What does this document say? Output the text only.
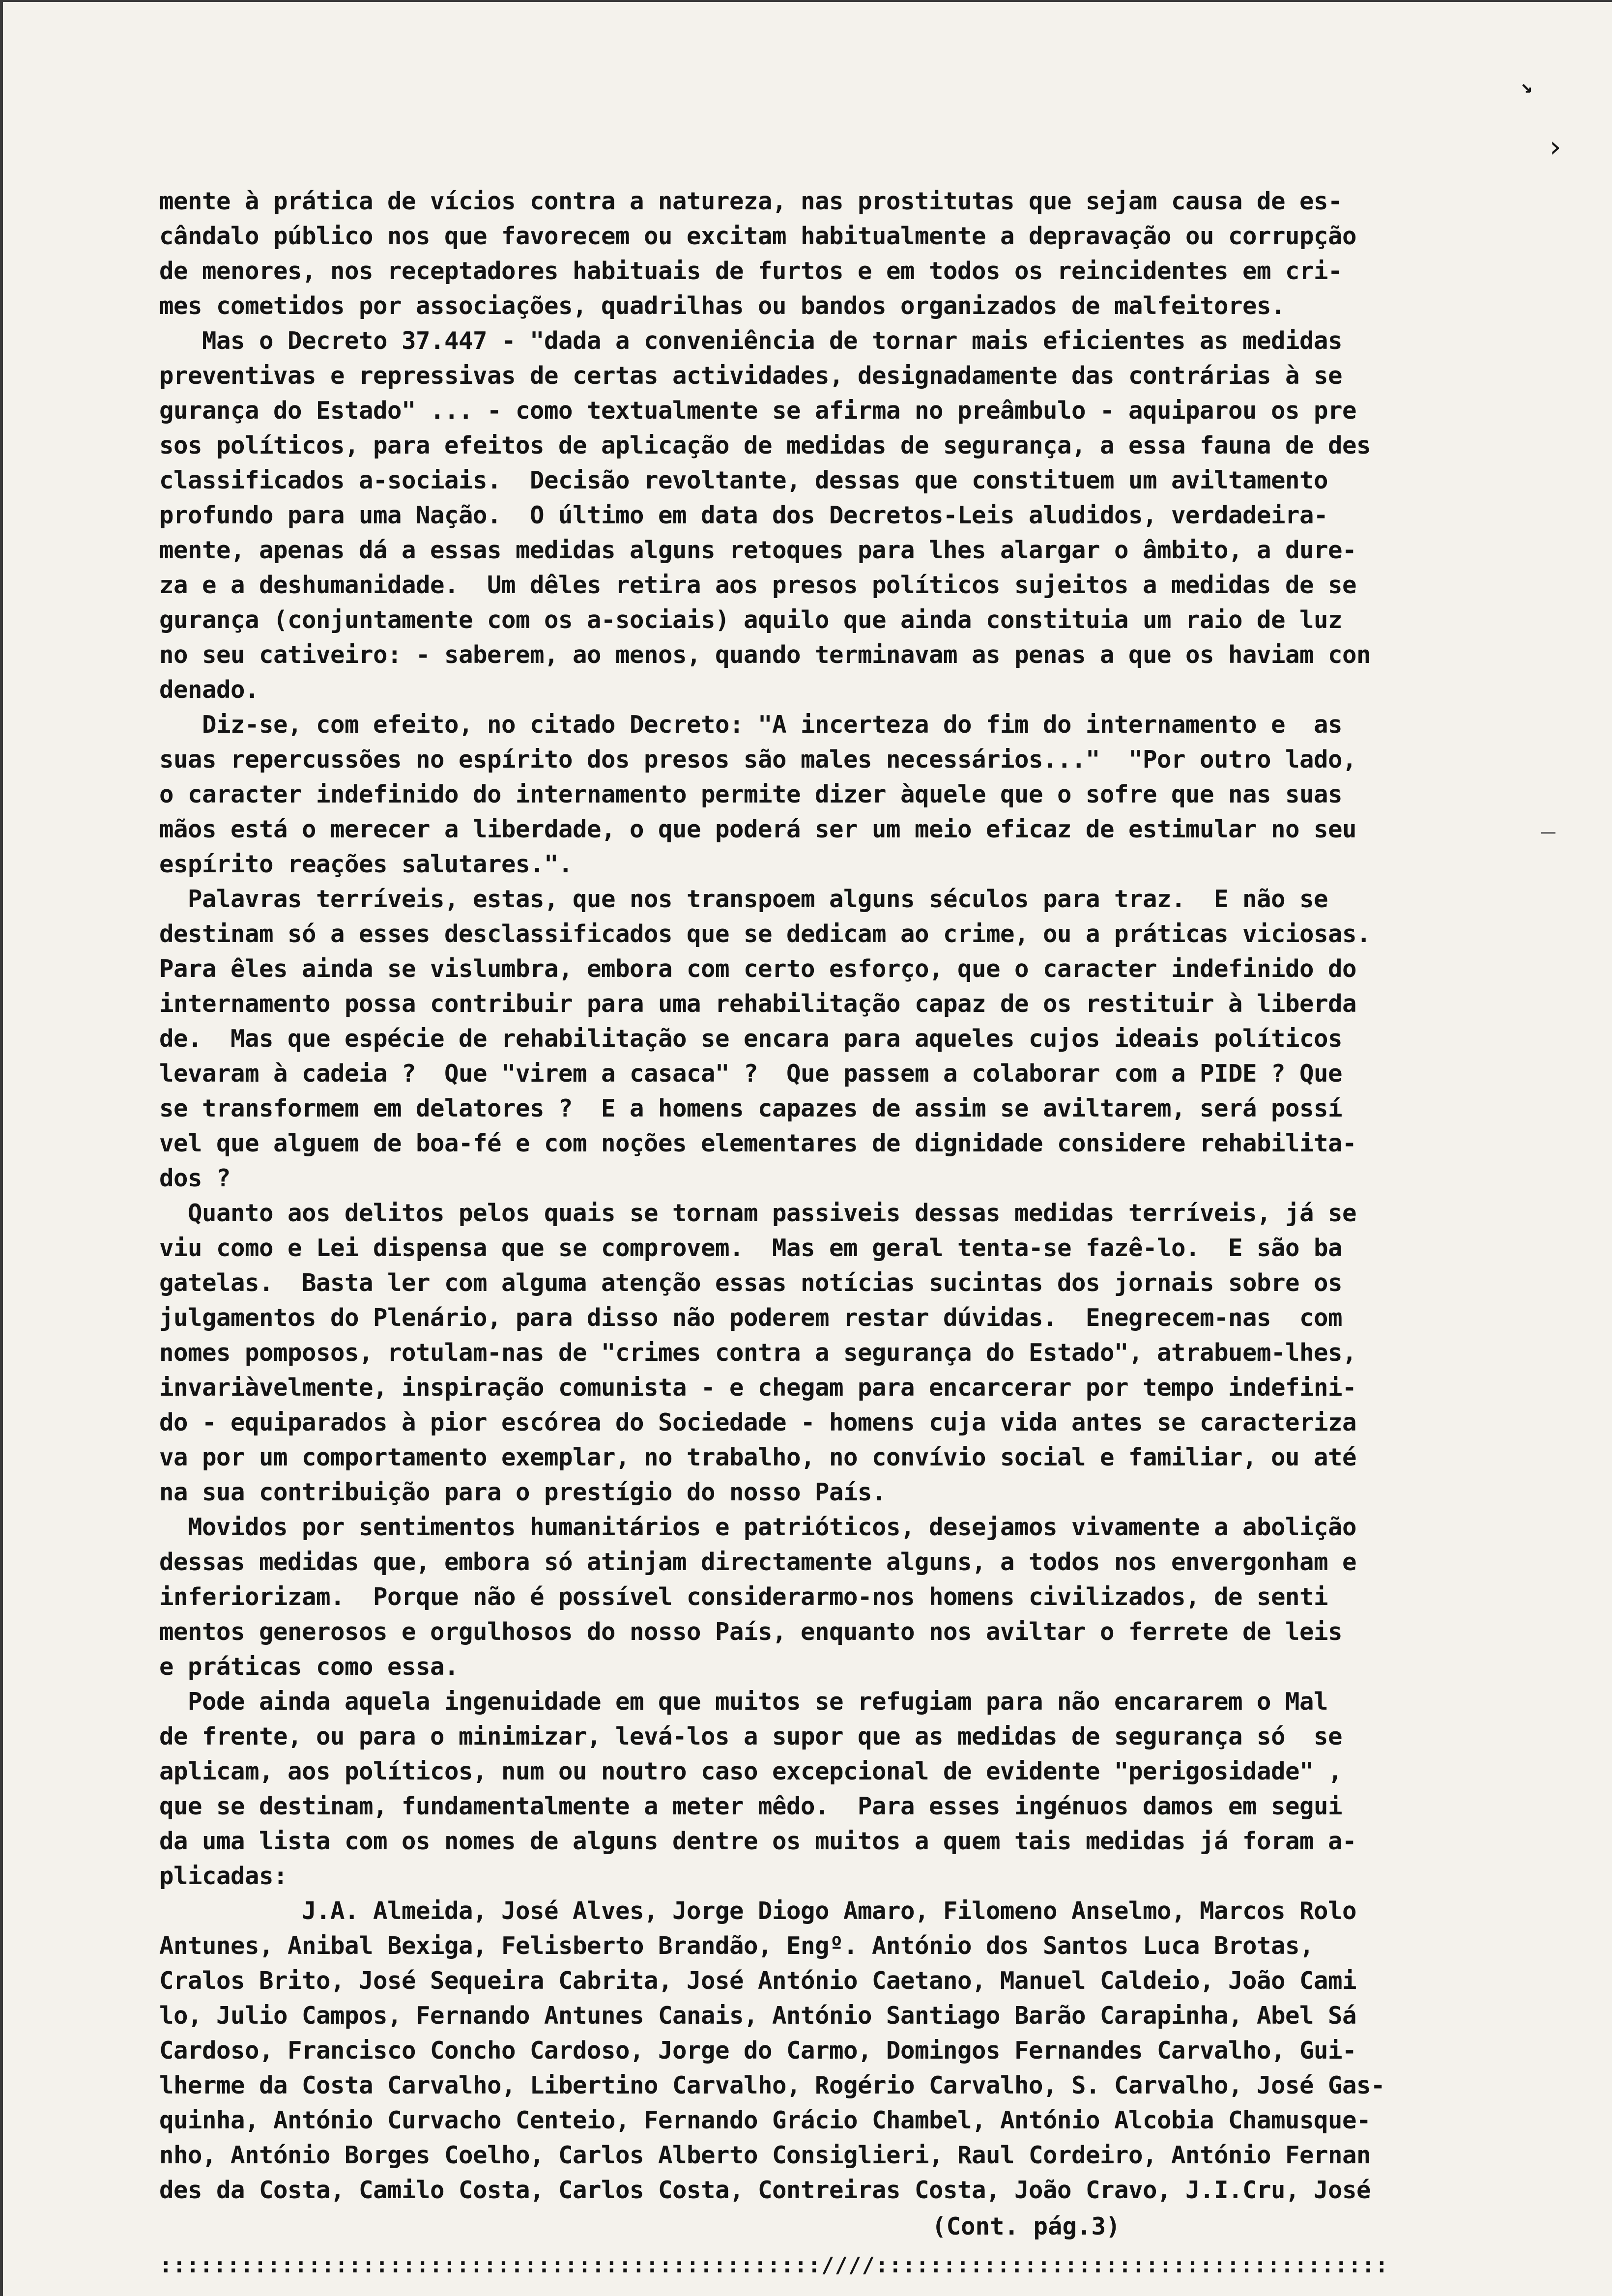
↘
›
—
mente à prática de vícios contra a natureza, nas prostitutas que sejam causa de es-
cândalo público nos que favorecem ou excitam habitualmente a depravação ou corrupção
de menores, nos receptadores habituais de furtos e em todos os reincidentes em cri-
mes cometidos por associações, quadrilhas ou bandos organizados de malfeitores.
Mas o Decreto 37.447 - "dada a conveniência de tornar mais eficientes as medidas
preventivas e repressivas de certas actividades, designadamente das contrárias à se
gurança do Estado" ... - como textualmente se afirma no preâmbulo - aquiparou os pre
sos políticos, para efeitos de aplicação de medidas de segurança, a essa fauna de des
classificados a-sociais.  Decisão revoltante, dessas que constituem um aviltamento
profundo para uma Nação.  O último em data dos Decretos-Leis aludidos, verdadeira-
mente, apenas dá a essas medidas alguns retoques para lhes alargar o âmbito, a dure-
za e a deshumanidade.  Um dêles retira aos presos políticos sujeitos a medidas de se
gurança (conjuntamente com os a-sociais) aquilo que ainda constituia um raio de luz
no seu cativeiro: - saberem, ao menos, quando terminavam as penas a que os haviam con
denado.
Diz-se, com efeito, no citado Decreto: "A incerteza do fim do internamento e  as
suas repercussões no espírito dos presos são males necessários..."  "Por outro lado,
o caracter indefinido do internamento permite dizer àquele que o sofre que nas suas
mãos está o merecer a liberdade, o que poderá ser um meio eficaz de estimular no seu
espírito reações salutares.".
Palavras terríveis, estas, que nos transpoem alguns séculos para traz.  E não se
destinam só a esses desclassificados que se dedicam ao crime, ou a práticas viciosas.
Para êles ainda se vislumbra, embora com certo esforço, que o caracter indefinido do
internamento possa contribuir para uma rehabilitação capaz de os restituir à liberda
de.  Mas que espécie de rehabilitação se encara para aqueles cujos ideais políticos
levaram à cadeia ?  Que "virem a casaca" ?  Que passem a colaborar com a PIDE ? Que
se transformem em delatores ?  E a homens capazes de assim se aviltarem, será possí
vel que alguem de boa-fé e com noções elementares de dignidade considere rehabilita-
dos ?
Quanto aos delitos pelos quais se tornam passiveis dessas medidas terríveis, já se
viu como e Lei dispensa que se comprovem.  Mas em geral tenta-se fazê-lo.  E são ba
gatelas.  Basta ler com alguma atenção essas notícias sucintas dos jornais sobre os
julgamentos do Plenário, para disso não poderem restar dúvidas.  Enegrecem-nas  com
nomes pomposos, rotulam-nas de "crimes contra a segurança do Estado", atrabuem-lhes,
invariàvelmente, inspiração comunista - e chegam para encarcerar por tempo indefini-
do - equiparados à pior escórea do Sociedade - homens cuja vida antes se caracteriza
va por um comportamento exemplar, no trabalho, no convívio social e familiar, ou até
na sua contribuição para o prestígio do nosso País.
Movidos por sentimentos humanitários e patrióticos, desejamos vivamente a abolição
dessas medidas que, embora só atinjam directamente alguns, a todos nos envergonham e
inferiorizam.  Porque não é possível considerarmo-nos homens civilizados, de senti
mentos generosos e orgulhosos do nosso País, enquanto nos aviltar o ferrete de leis
e práticas como essa.
Pode ainda aquela ingenuidade em que muitos se refugiam para não encararem o Mal
de frente, ou para o minimizar, levá-los a supor que as medidas de segurança só  se
aplicam, aos políticos, num ou noutro caso excepcional de evidente "perigosidade" ,
que se destinam, fundamentalmente a meter mêdo.  Para esses ingénuos damos em segui
da uma lista com os nomes de alguns dentre os muitos a quem tais medidas já foram a-
plicadas:
J.A. Almeida, José Alves, Jorge Diogo Amaro, Filomeno Anselmo, Marcos Rolo
Antunes, Anibal Bexiga, Felisberto Brandão, Engº. António dos Santos Luca Brotas,
Cralos Brito, José Sequeira Cabrita, José António Caetano, Manuel Caldeio, João Cami
lo, Julio Campos, Fernando Antunes Canais, António Santiago Barão Carapinha, Abel Sá
Cardoso, Francisco Concho Cardoso, Jorge do Carmo, Domingos Fernandes Carvalho, Gui-
lherme da Costa Carvalho, Libertino Carvalho, Rogério Carvalho, S. Carvalho, José Gas-
quinha, António Curvacho Centeio, Fernando Grácio Chambel, António Alcobia Chamusque-
nho, António Borges Coelho, Carlos Alberto Consiglieri, Raul Cordeiro, António Fernan
des da Costa, Camilo Costa, Carlos Costa, Contreiras Costa, João Cravo, J.I.Cru, José
(Cont. pág.3)
:::::::::::::::::::::::::::::::::::::::::::::::::////::::::::::::::::::::::::::::::::::::::
